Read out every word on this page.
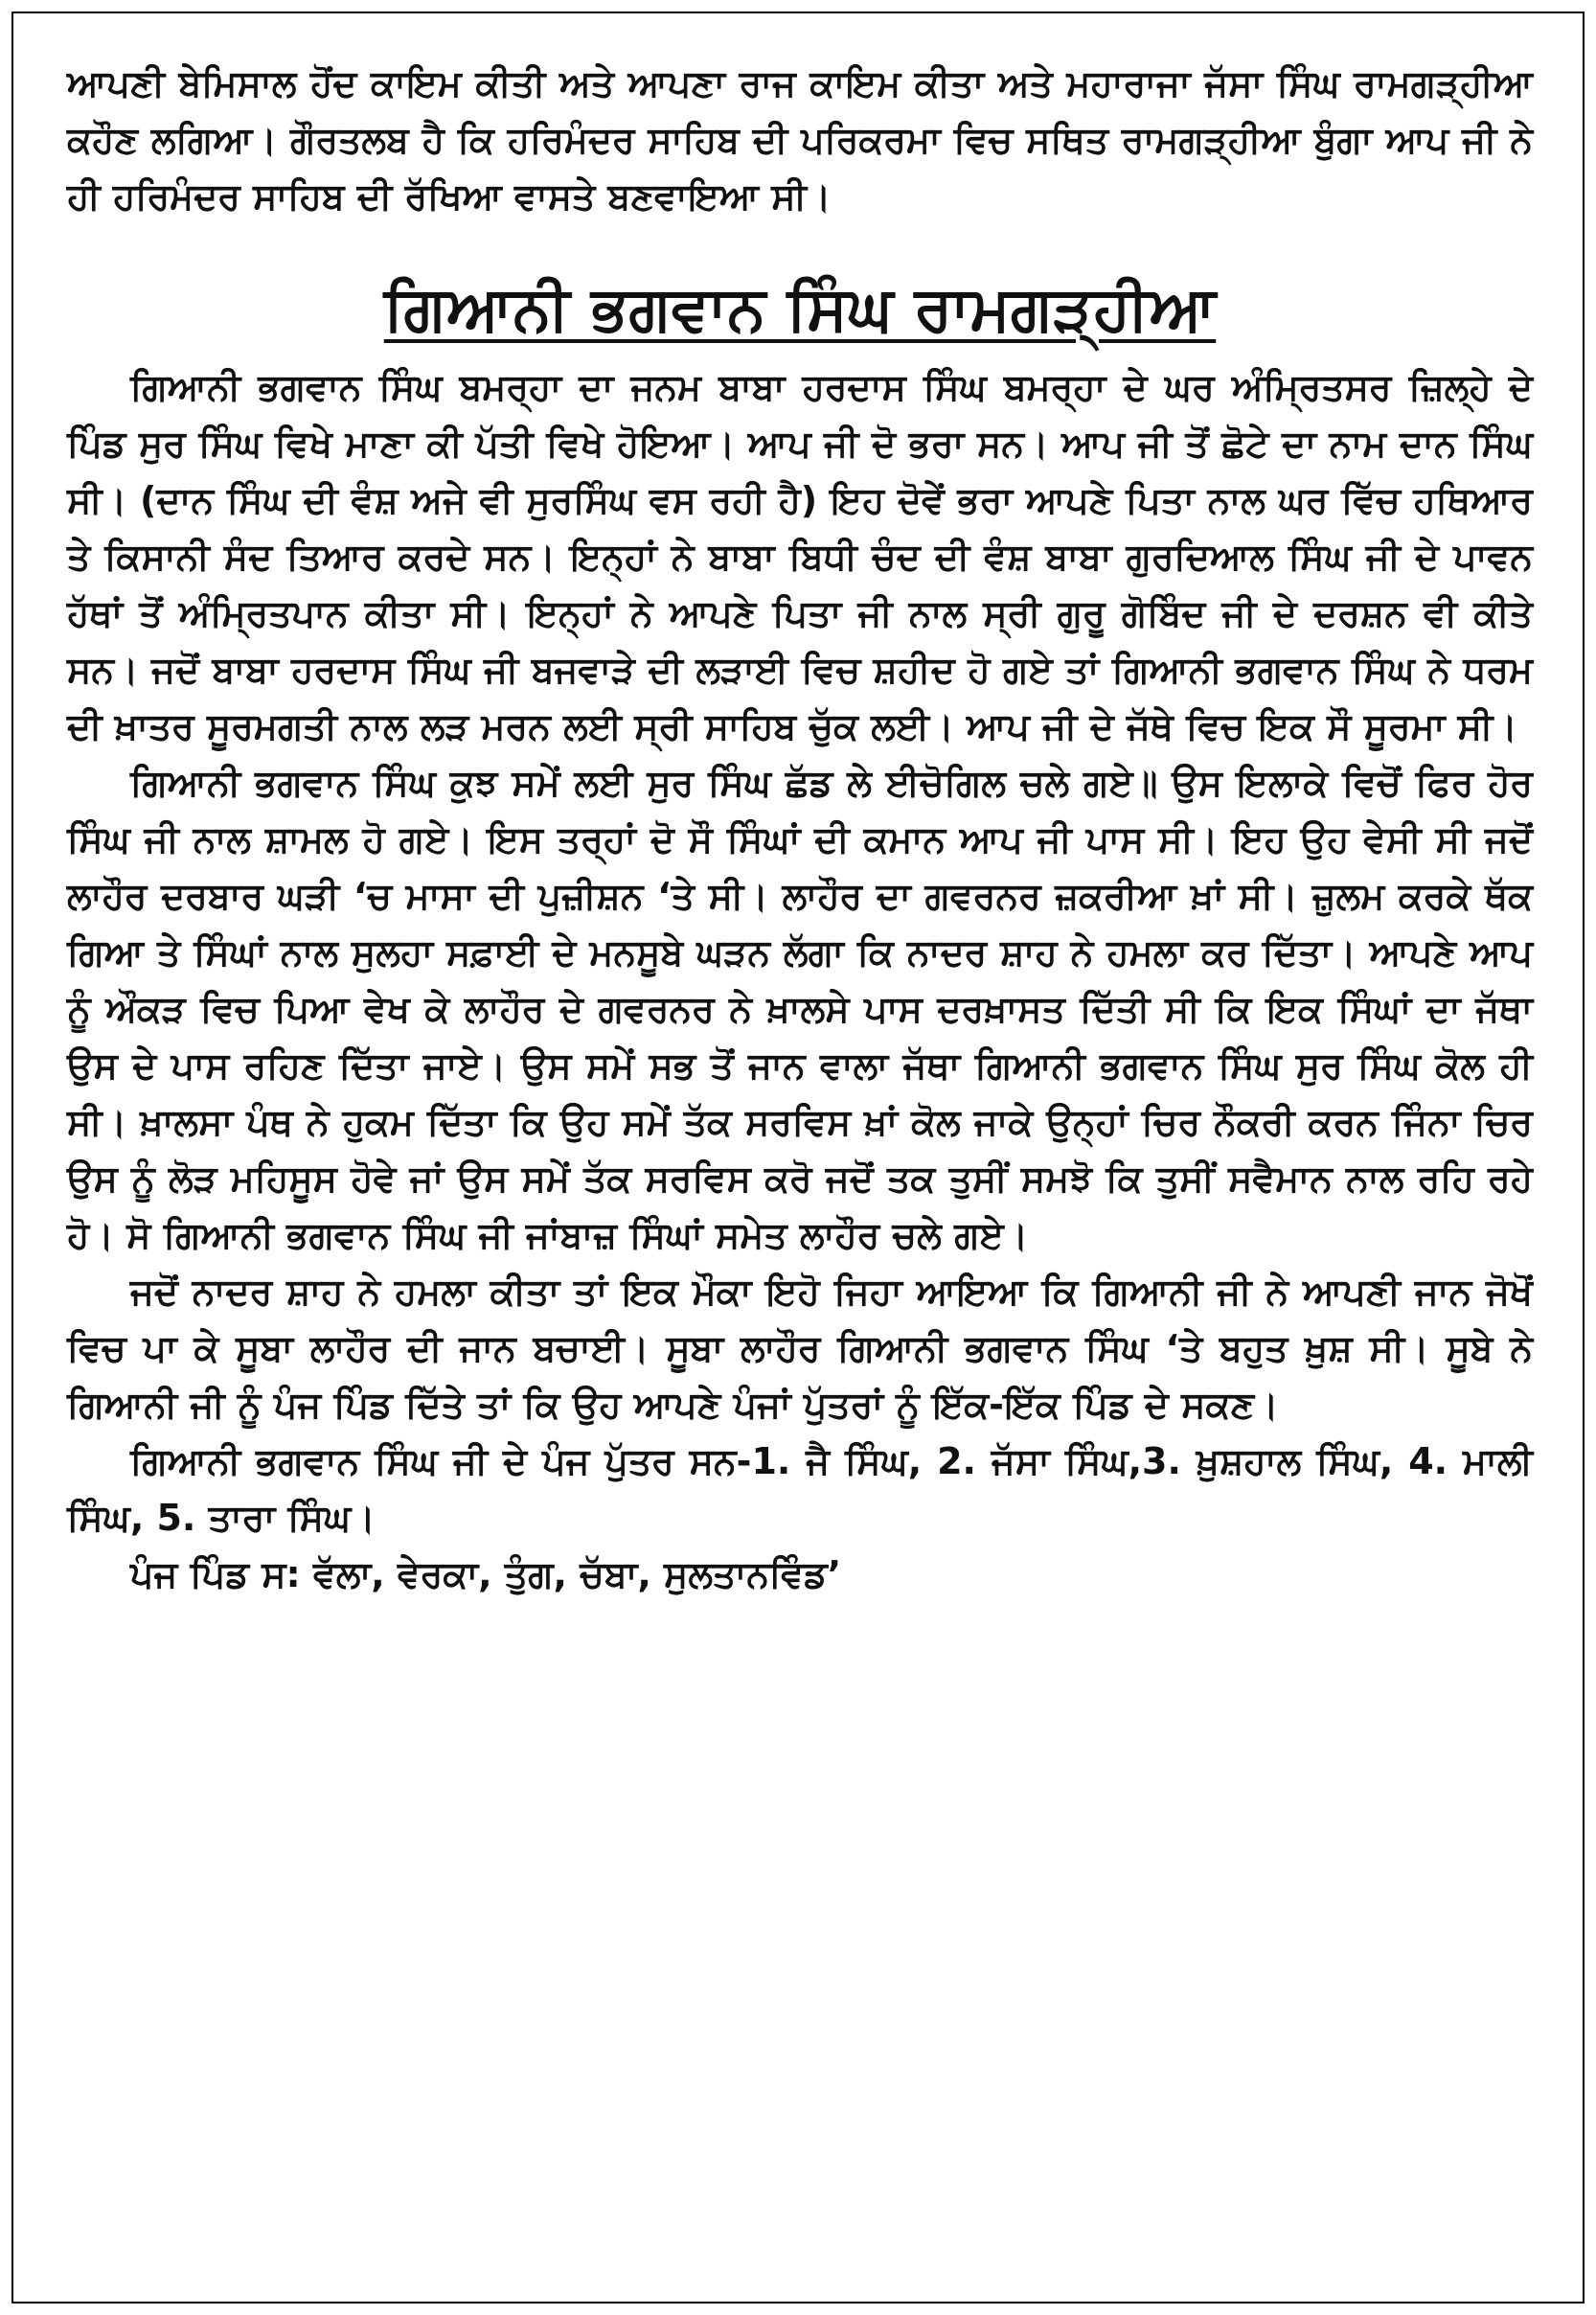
ਆਪਣੀ ਬੇਮਿਸਾਲ ਹੋਂਦ ਕਾਇਮ ਕੀਤੀ ਅਤੇ ਆਪਣਾ ਰਾਜ ਕਾਇਮ ਕੀਤਾ ਅਤੇ ਮਹਾਰਾਜਾ ਜੱਸਾ ਸਿੰਘ ਰਾਮਗੜ੍ਹੀਆ ਕਹੌਣ ਲਗਿਆ। ਗੌਰਤਲਬ ਹੈ ਕਿ ਹਰਿਮੰਦਰ ਸਾਹਿਬ ਦੀ ਪਰਿਕਰਮਾ ਵਿਚ ਸਥਿਤ ਰਾਮਗੜ੍ਹੀਆ ਬੁੰਗਾ ਆਪ ਜੀ ਨੇ ਹੀ ਹਰਿਮੰਦਰ ਸਾਹਿਬ ਦੀ ਰੱਖਿਆ ਵਾਸਤੇ ਬਣਵਾਇਆ ਸੀ।

ਗਿਆਨੀ ਭਗਵਾਨ ਸਿੰਘ ਰਾਮਗੜ੍ਹੀਆ

ਗਿਆਨੀ ਭਗਵਾਨ ਸਿੰਘ ਬਮਰ੍ਹਾ ਦਾ ਜਨਮ ਬਾਬਾ ਹਰਦਾਸ ਸਿੰਘ ਬਮਰ੍ਹਾ ਦੇ ਘਰ ਅੰਮ੍ਰਿਤਸਰ ਜ਼ਿਲ੍ਹੇ ਦੇ ਪਿੰਡ ਸੁਰ ਸਿੰਘ ਵਿਖੇ ਮਾਣਾ ਕੀ ਪੱਤੀ ਵਿਖੇ ਹੋਇਆ। ਆਪ ਜੀ ਦੋ ਭਰਾ ਸਨ। ਆਪ ਜੀ ਤੋਂ ਛੋਟੇ ਦਾ ਨਾਮ ਦਾਨ ਸਿੰਘ ਸੀ। (ਦਾਨ ਸਿੰਘ ਦੀ ਵੰਸ਼ ਅਜੇ ਵੀ ਸੁਰਸਿੰਘ ਵਸ ਰਹੀ ਹੈ) ਇਹ ਦੋਵੇਂ ਭਰਾ ਆਪਣੇ ਪਿਤਾ ਨਾਲ ਘਰ ਵਿੱਚ ਹਥਿਆਰ ਤੇ ਕਿਸਾਨੀ ਸੰਦ ਤਿਆਰ ਕਰਦੇ ਸਨ। ਇਨ੍ਹਾਂ ਨੇ ਬਾਬਾ ਬਿਧੀ ਚੰਦ ਦੀ ਵੰਸ਼ ਬਾਬਾ ਗੁਰਦਿਆਲ ਸਿੰਘ ਜੀ ਦੇ ਪਾਵਨ ਹੱਥਾਂ ਤੋਂ ਅੰਮ੍ਰਿਤਪਾਨ ਕੀਤਾ ਸੀ। ਇਨ੍ਹਾਂ ਨੇ ਆਪਣੇ ਪਿਤਾ ਜੀ ਨਾਲ ਸ੍ਰੀ ਗੁਰੂ ਗੋਬਿੰਦ ਜੀ ਦੇ ਦਰਸ਼ਨ ਵੀ ਕੀਤੇ ਸਨ। ਜਦੋਂ ਬਾਬਾ ਹਰਦਾਸ ਸਿੰਘ ਜੀ ਬਜਵਾੜੇ ਦੀ ਲੜਾਈ ਵਿਚ ਸ਼ਹੀਦ ਹੋ ਗਏ ਤਾਂ ਗਿਆਨੀ ਭਗਵਾਨ ਸਿੰਘ ਨੇ ਧਰਮ ਦੀ ਖ਼ਾਤਰ ਸੂਰਮਗਤੀ ਨਾਲ ਲੜ ਮਰਨ ਲਈ ਸ੍ਰੀ ਸਾਹਿਬ ਚੁੱਕ ਲਈ। ਆਪ ਜੀ ਦੇ ਜੱਥੇ ਵਿਚ ਇਕ ਸੌ ਸੂਰਮਾ ਸੀ।

ਗਿਆਨੀ ਭਗਵਾਨ ਸਿੰਘ ਕੁਝ ਸਮੇਂ ਲਈ ਸੁਰ ਸਿੰਘ ਛੱਡ ਲੇ ਈਚੋਗਿਲ ਚਲੇ ਗਏ॥ ਉਸ ਇਲਾਕੇ ਵਿਚੋਂ ਫਿਰ ਹੋਰ ਸਿੰਘ ਜੀ ਨਾਲ ਸ਼ਾਮਲ ਹੋ ਗਏ। ਇਸ ਤਰ੍ਹਾਂ ਦੋ ਸੌ ਸਿੰਘਾਂ ਦੀ ਕਮਾਨ ਆਪ ਜੀ ਪਾਸ ਸੀ। ਇਹ ਉਹ ਵੇਸੀ ਸੀ ਜਦੋਂ ਲਾਹੌਰ ਦਰਬਾਰ ਘੜੀ ‘ਚ ਮਾਸਾ ਦੀ ਪੁਜ਼ੀਸ਼ਨ ‘ਤੇ ਸੀ। ਲਾਹੌਰ ਦਾ ਗਵਰਨਰ ਜ਼ਕਰੀਆ ਖ਼ਾਂ ਸੀ। ਜ਼ੁਲਮ ਕਰਕੇ ਥੱਕ ਗਿਆ ਤੇ ਸਿੰਘਾਂ ਨਾਲ ਸੁਲਹਾ ਸਫ਼ਾਈ ਦੇ ਮਨਸੂਬੇ ਘੜਨ ਲੱਗਾ ਕਿ ਨਾਦਰ ਸ਼ਾਹ ਨੇ ਹਮਲਾ ਕਰ ਦਿੱਤਾ। ਆਪਣੇ ਆਪ ਨੂੰ ਔਕੜ ਵਿਚ ਪਿਆ ਵੇਖ ਕੇ ਲਾਹੌਰ ਦੇ ਗਵਰਨਰ ਨੇ ਖ਼ਾਲਸੇ ਪਾਸ ਦਰਖ਼ਾਸਤ ਦਿੱਤੀ ਸੀ ਕਿ ਇਕ ਸਿੰਘਾਂ ਦਾ ਜੱਥਾ ਉਸ ਦੇ ਪਾਸ ਰਹਿਣ ਦਿੱਤਾ ਜਾਏ। ਉਸ ਸਮੇਂ ਸਭ ਤੋਂ ਜਾਨ ਵਾਲਾ ਜੱਥਾ ਗਿਆਨੀ ਭਗਵਾਨ ਸਿੰਘ ਸੁਰ ਸਿੰਘ ਕੋਲ ਹੀ ਸੀ। ਖ਼ਾਲਸਾ ਪੰਥ ਨੇ ਹੁਕਮ ਦਿੱਤਾ ਕਿ ਉਹ ਸਮੇਂ ਤੱਕ ਸਰਵਿਸ ਖ਼ਾਂ ਕੋਲ ਜਾਕੇ ਉਨ੍ਹਾਂ ਚਿਰ ਨੌਕਰੀ ਕਰਨ ਜਿੰਨਾ ਚਿਰ ਉਸ ਨੂੰ ਲੋੜ ਮਹਿਸੂਸ ਹੋਵੇ ਜਾਂ ਉਸ ਸਮੇਂ ਤੱਕ ਸਰਵਿਸ ਕਰੋ ਜਦੋਂ ਤਕ ਤੁਸੀਂ ਸਮਝੋ ਕਿ ਤੁਸੀਂ ਸਵੈਮਾਨ ਨਾਲ ਰਹਿ ਰਹੇ ਹੋ। ਸੋ ਗਿਆਨੀ ਭਗਵਾਨ ਸਿੰਘ ਜੀ ਜਾਂਬਾਜ਼ ਸਿੰਘਾਂ ਸਮੇਤ ਲਾਹੌਰ ਚਲੇ ਗਏ।

ਜਦੋਂ ਨਾਦਰ ਸ਼ਾਹ ਨੇ ਹਮਲਾ ਕੀਤਾ ਤਾਂ ਇਕ ਮੌਕਾ ਇਹੋ ਜਿਹਾ ਆਇਆ ਕਿ ਗਿਆਨੀ ਜੀ ਨੇ ਆਪਣੀ ਜਾਨ ਜੋਖੋਂ ਵਿਚ ਪਾ ਕੇ ਸੂਬਾ ਲਾਹੌਰ ਦੀ ਜਾਨ ਬਚਾਈ। ਸੂਬਾ ਲਾਹੌਰ ਗਿਆਨੀ ਭਗਵਾਨ ਸਿੰਘ ‘ਤੇ ਬਹੁਤ ਖ਼ੁਸ਼ ਸੀ। ਸੂਬੇ ਨੇ ਗਿਆਨੀ ਜੀ ਨੂੰ ਪੰਜ ਪਿੰਡ ਦਿੱਤੇ ਤਾਂ ਕਿ ਉਹ ਆਪਣੇ ਪੰਜਾਂ ਪੁੱਤਰਾਂ ਨੂੰ ਇੱਕ-ਇੱਕ ਪਿੰਡ ਦੇ ਸਕਣ।

ਗਿਆਨੀ ਭਗਵਾਨ ਸਿੰਘ ਜੀ ਦੇ ਪੰਜ ਪੁੱਤਰ ਸਨ-1. ਜੈ ਸਿੰਘ, 2. ਜੱਸਾ ਸਿੰਘ,3. ਖ਼ੁਸ਼ਹਾਲ ਸਿੰਘ, 4. ਮਾਲੀ ਸਿੰਘ, 5. ਤਾਰਾ ਸਿੰਘ।

ਪੰਜ ਪਿੰਡ ਸ: ਵੱਲਾ, ਵੇਰਕਾ, ਤੁੰਗ, ਚੱਬਾ, ਸੁਲਤਾਨਵਿੰਡ’
